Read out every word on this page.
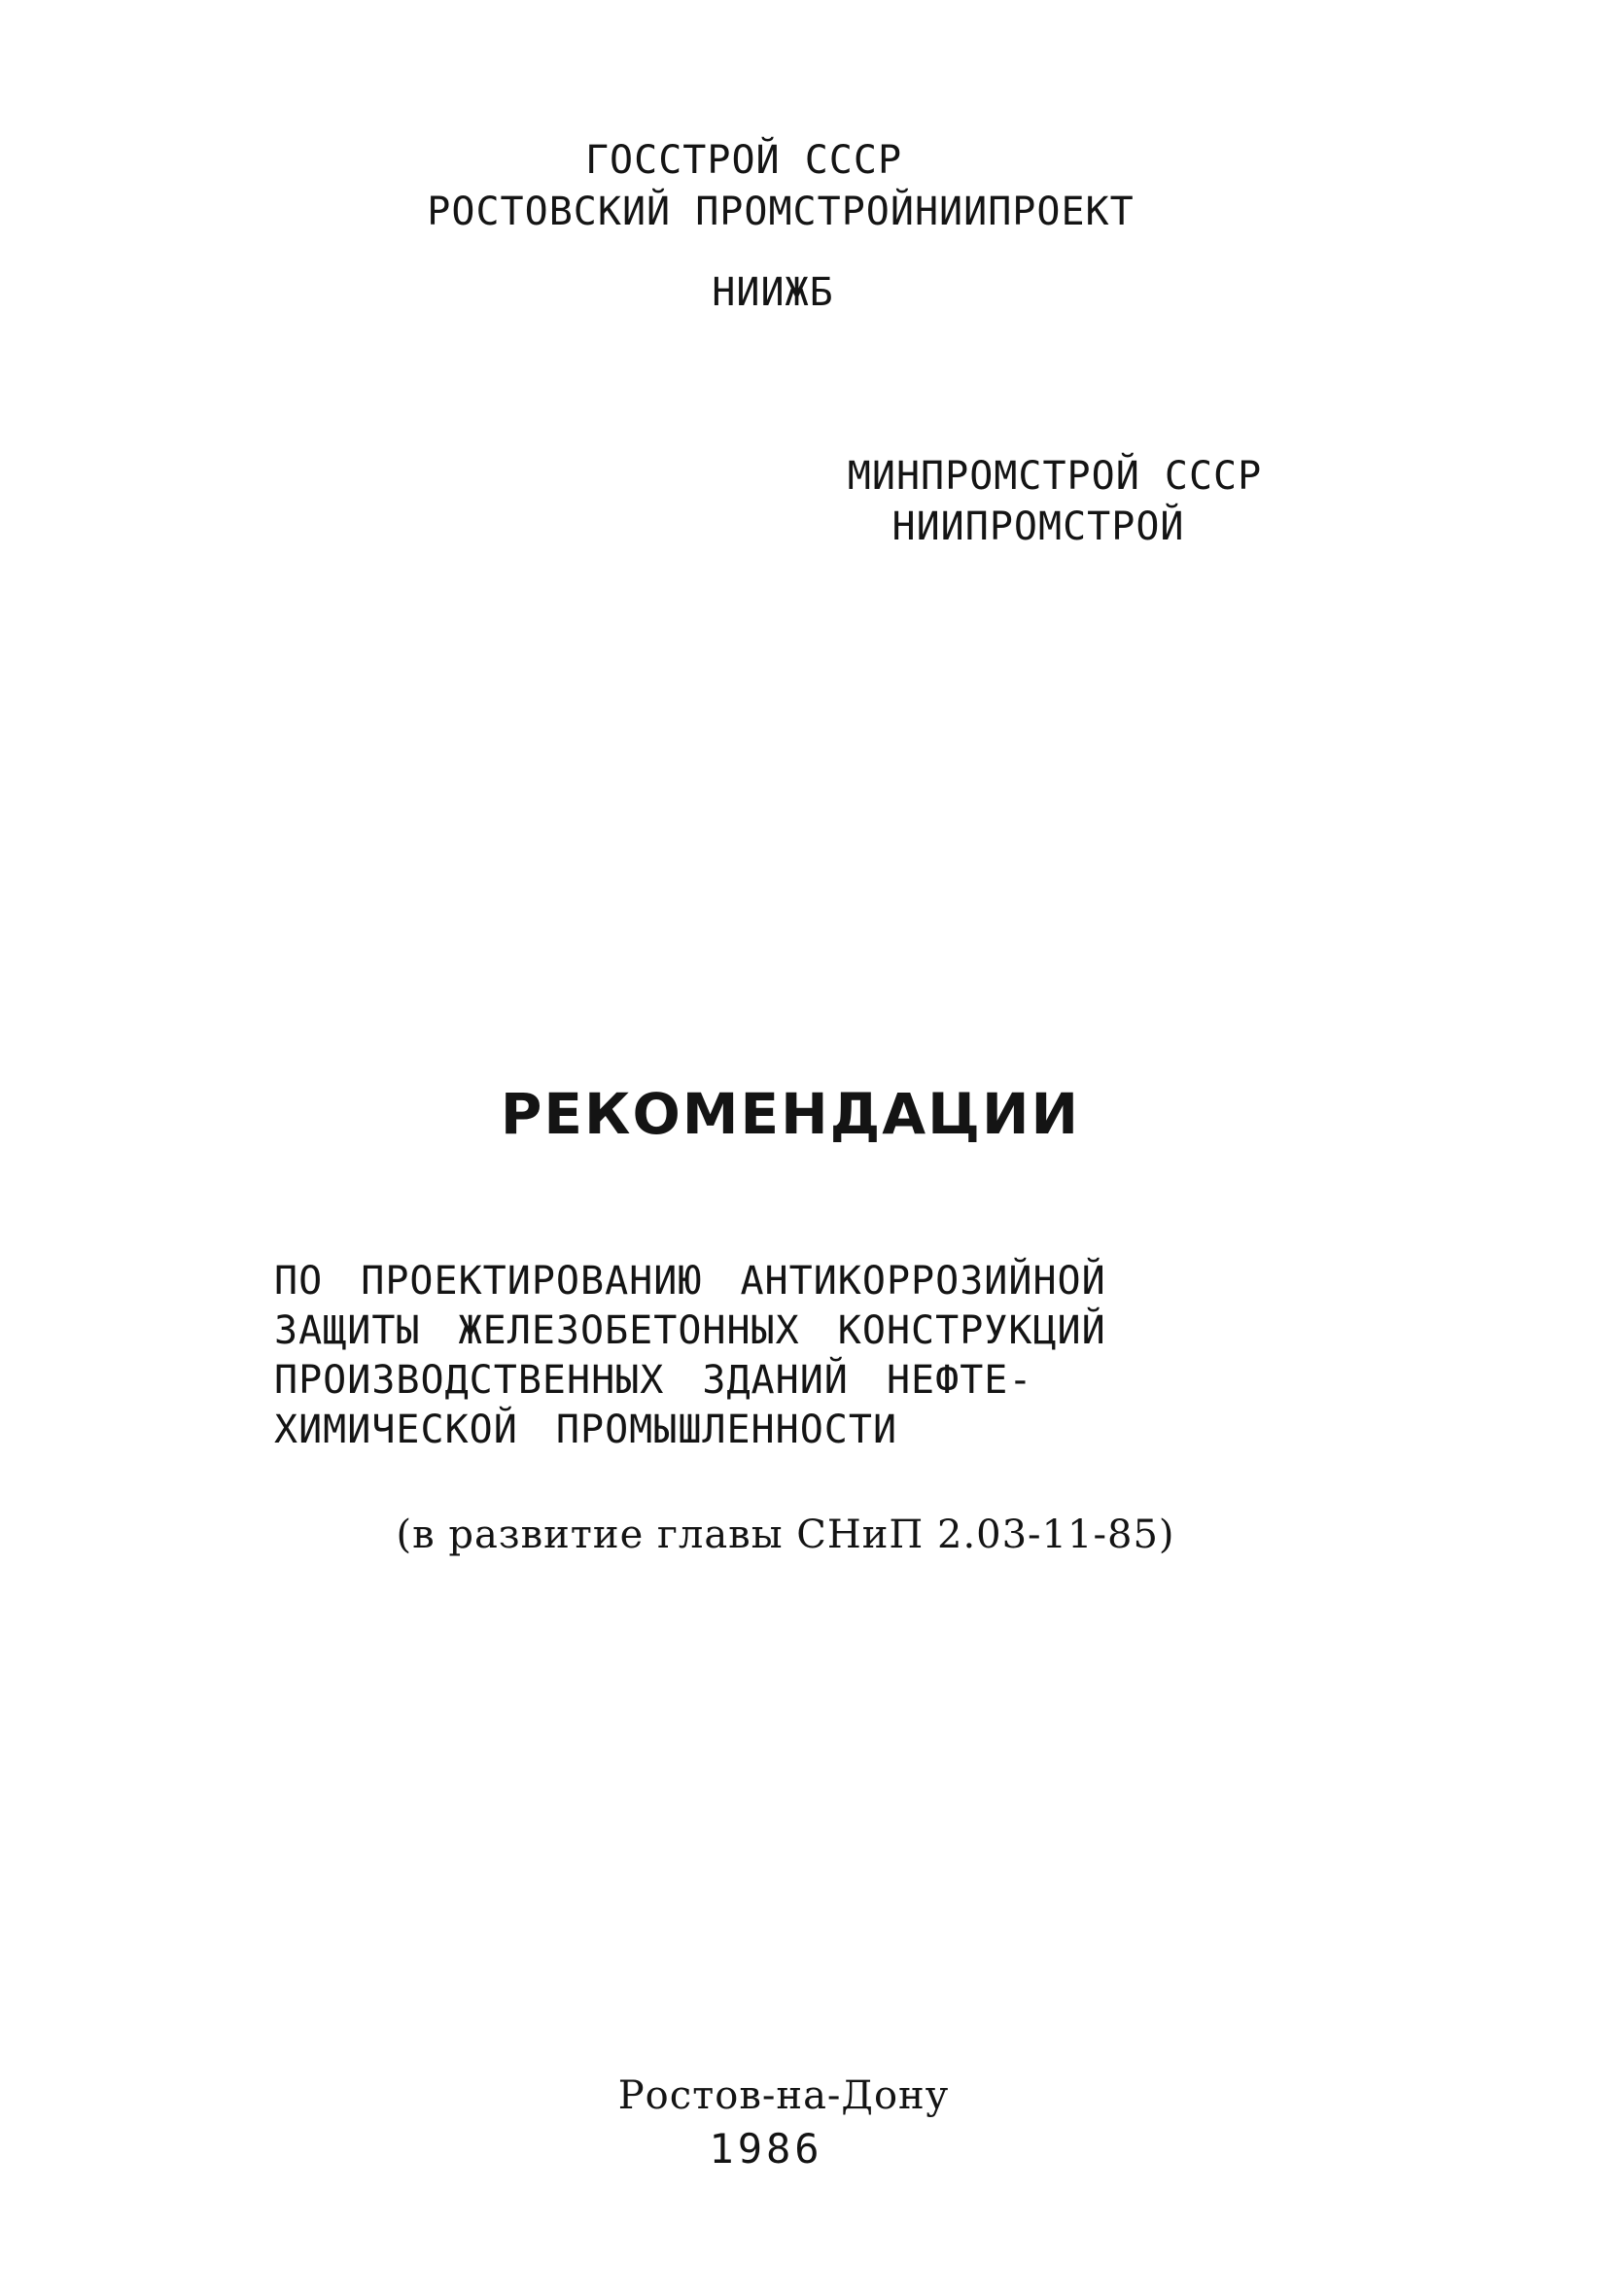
ГОССТРОЙ СССР
РОСТОВСКИЙ ПРОМСТРОЙНИИПРОЕКТ
НИИЖБ
МИНПРОМСТРОЙ СССР
НИИПРОМСТРОЙ
РЕКОМЕНДАЦИИ
ПО ПРОЕКТИРОВАНИЮ АНТИКОРРОЗИЙНОЙ
ЗАЩИТЫ ЖЕЛЕЗОБЕТОННЫХ КОНСТРУКЦИЙ
ПРОИЗВОДСТВЕННЫХ ЗДАНИЙ НЕФТЕ-
ХИМИЧЕСКОЙ ПРОМЫШЛЕННОСТИ
(в развитие главы СНиП 2.03-11-85)
Ростов-на-Дону
1986
